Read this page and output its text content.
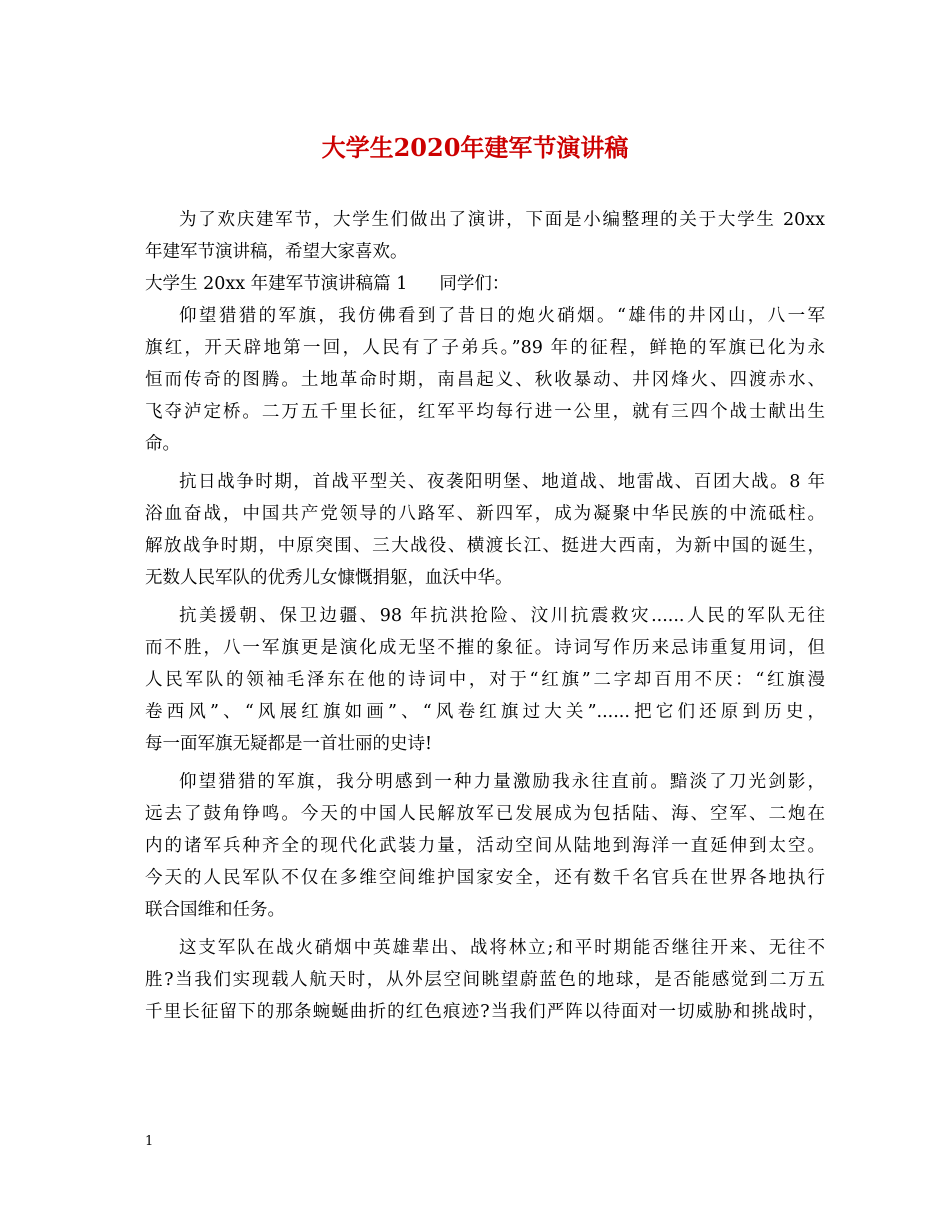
大学生2020年建军节演讲稿
为了欢庆建军节，大学生们做出了演讲，下面是小编整理的关于大学生 20xx
年建军节演讲稿，希望大家喜欢。
大学生 20xx 年建军节演讲稿篇 1 同学们：
仰望猎猎的军旗，我仿佛看到了昔日的炮火硝烟。“雄伟的井冈山，八一军
旗红，开天辟地第一回，人民有了子弟兵。”89 年的征程，鲜艳的军旗已化为永
恒而传奇的图腾。土地革命时期，南昌起义、秋收暴动、井冈烽火、四渡赤水、
飞夺泸定桥。二万五千里长征，红军平均每行进一公里，就有三四个战士献出生
命。
抗日战争时期，首战平型关、夜袭阳明堡、地道战、地雷战、百团大战。8 年
浴血奋战，中国共产党领导的八路军、新四军，成为凝聚中华民族的中流砥柱。
解放战争时期，中原突围、三大战役、横渡长江、挺进大西南，为新中国的诞生，
无数人民军队的优秀儿女慷慨捐躯，血沃中华。
抗美援朝、保卫边疆、98 年抗洪抢险、汶川抗震救灾......人民的军队无往
而不胜，八一军旗更是演化成无坚不摧的象征。诗词写作历来忌讳重复用词，但
人民军队的领袖毛泽东在他的诗词中，对于“红旗”二字却百用不厌：“红旗漫
卷西风”、“风展红旗如画”、“风卷红旗过大关”......把它们还原到历史，
每一面军旗无疑都是一首壮丽的史诗!
仰望猎猎的军旗，我分明感到一种力量激励我永往直前。黯淡了刀光剑影，
远去了鼓角铮鸣。今天的中国人民解放军已发展成为包括陆、海、空军、二炮在
内的诸军兵种齐全的现代化武装力量，活动空间从陆地到海洋一直延伸到太空。
今天的人民军队不仅在多维空间维护国家安全，还有数千名官兵在世界各地执行
联合国维和任务。
这支军队在战火硝烟中英雄辈出、战将林立;和平时期能否继往开来、无往不
胜?当我们实现载人航天时，从外层空间眺望蔚蓝色的地球，是否能感觉到二万五
千里长征留下的那条蜿蜒曲折的红色痕迹?当我们严阵以待面对一切威胁和挑战时，
1
